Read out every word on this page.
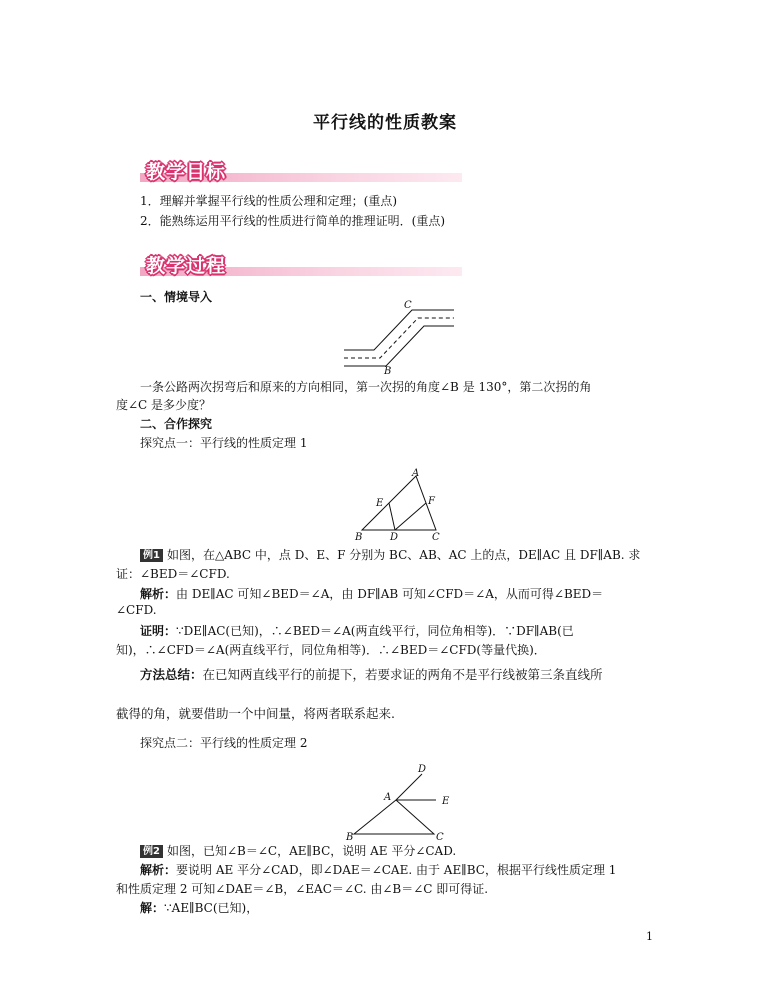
平行线的性质教案
教学目标
1．理解并掌握平行线的性质公理和定理；(重点)
2．能熟练运用平行线的性质进行简单的推理证明．(重点)
教学过程
一、情境导入
C
B
一条公路两次拐弯后和原来的方向相同，第一次拐的角度∠B 是 130°，第二次拐的角
度∠C 是多少度？
二、合作探究
探究点一：平行线的性质定理 1
A
E	F
B	D	C
例1 如图，在△ABC 中，点 D、E、F 分别为 BC、AB、AC 上的点，DE∥AC 且 DF∥AB. 求
证：∠BED＝∠CFD.
解析：由 DE∥AC 可知∠BED＝∠A，由 DF∥AB 可知∠CFD＝∠A，从而可得∠BED＝
∠CFD.
证明：∵DE∥AC(已知)，∴∠BED＝∠A(两直线平行，同位角相等)．∵DF∥AB(已
知)，∴∠CFD＝∠A(两直线平行，同位角相等)．∴∠BED＝∠CFD(等量代换)．
方法总结：在已知两直线平行的前提下，若要求证的两角不是平行线被第三条直线所
截得的角，就要借助一个中间量，将两者联系起来.
探究点二：平行线的性质定理 2
D
A	E
B	C
例2 如图，已知∠B＝∠C，AE∥BC，说明 AE 平分∠CAD.
解析：要说明 AE 平分∠CAD，即∠DAE＝∠CAE. 由于 AE∥BC，根据平行线性质定理 1
和性质定理 2 可知∠DAE＝∠B，∠EAC＝∠C. 由∠B＝∠C 即可得证.
解：∵AE∥BC(已知)，
1
